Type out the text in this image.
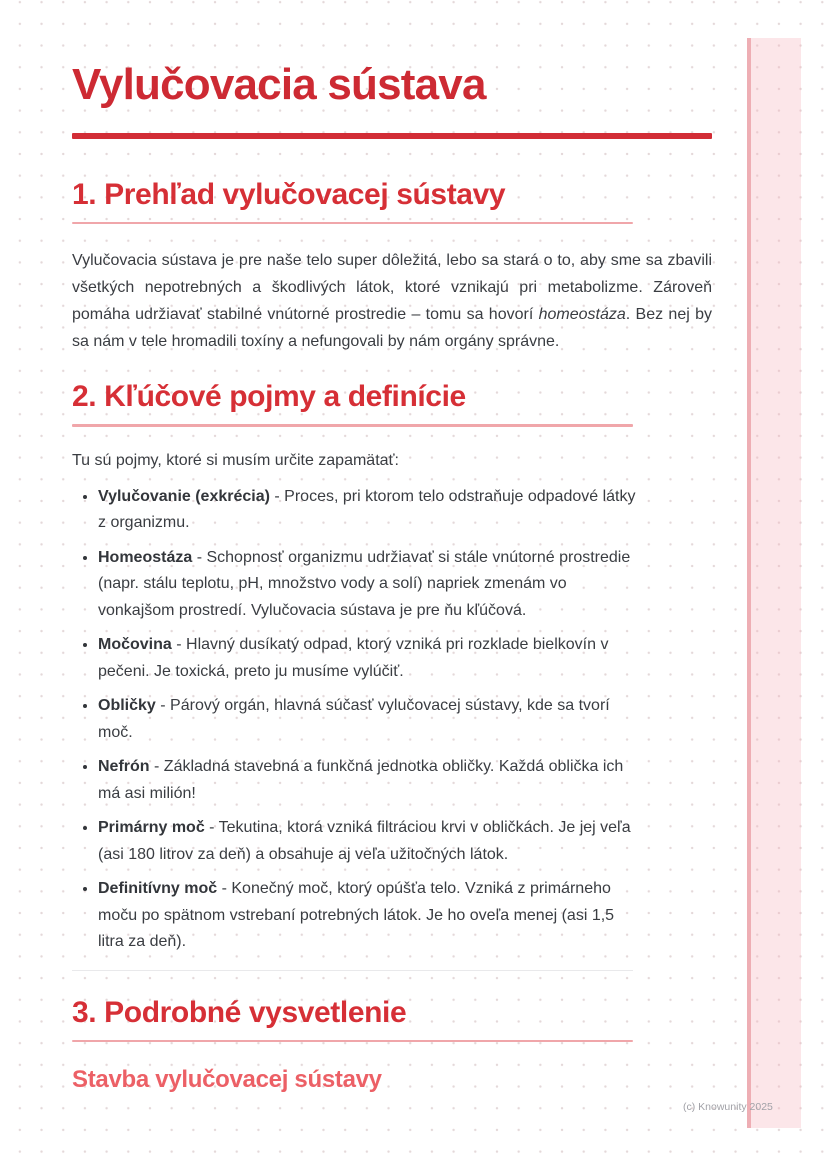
Vylučovacia sústava
1. Prehľad vylučovacej sústavy

Vylučovacia sústava je pre naše telo super dôležitá, lebo sa stará o to, aby sme sa zbavili všetkých nepotrebných a škodlivých látok, ktoré vznikajú pri metabolizme. Zároveň pomáha udržiavať stabilné vnútorné prostredie – tomu sa hovorí homeostáza. Bez nej by sa nám v tele hromadili toxíny a nefungovali by nám orgány správne.

2. Kľúčové pojmy a definície

Tu sú pojmy, ktoré si musím určite zapamätať:

• Vylučovanie (exkrécia) - Proces, pri ktorom telo odstraňuje odpadové látky z organizmu.
• Homeostáza - Schopnosť organizmu udržiavať si stále vnútorné prostredie (napr. stálu teplotu, pH, množstvo vody a solí) napriek zmenám vo vonkajšom prostredí. Vylučovacia sústava je pre ňu kľúčová.
• Močovina - Hlavný dusíkatý odpad, ktorý vzniká pri rozklade bielkovín v pečeni. Je toxická, preto ju musíme vylúčiť.
• Obličky - Párový orgán, hlavná súčasť vylučovacej sústavy, kde sa tvorí moč.
• Nefrón - Základná stavebná a funkčná jednotka obličky. Každá oblička ich má asi milión!
• Primárny moč - Tekutina, ktorá vzniká filtráciou krvi v obličkách. Je jej veľa (asi 180 litrov za deň) a obsahuje aj veľa užitočných látok.
• Definitívny moč - Konečný moč, ktorý opúšťa telo. Vzniká z primárneho moču po spätnom vstrebaní potrebných látok. Je ho oveľa menej (asi 1,5 litra za deň).
3. Podrobné vysvetlenie
Stavba vylučovacej sústavy
(c) Knowunity 2025
